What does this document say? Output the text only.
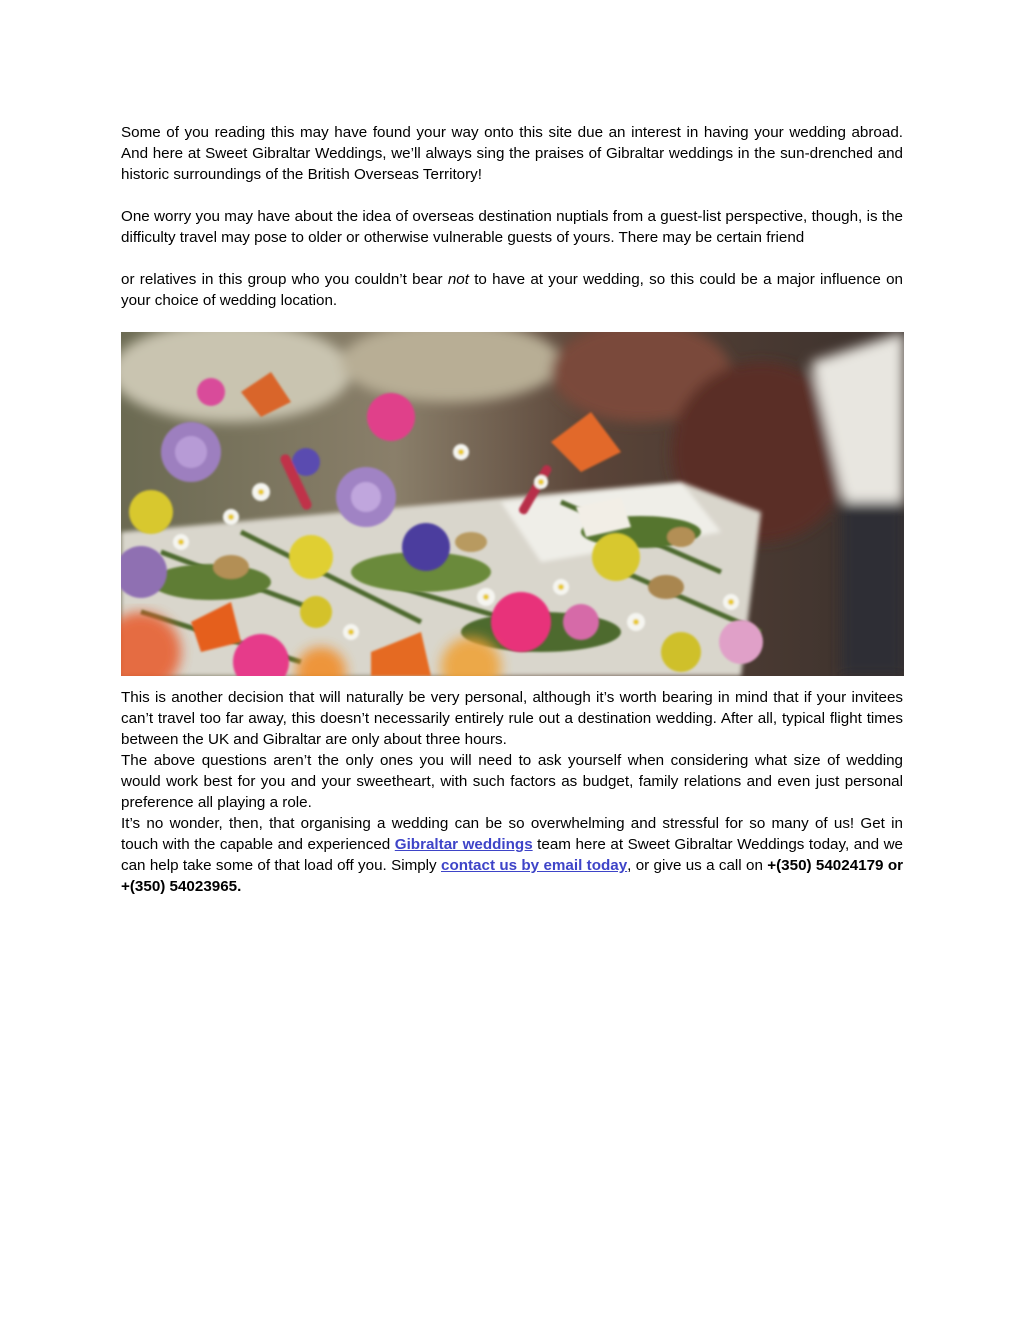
Some of you reading this may have found your way onto this site due an interest in having your wedding abroad. And here at Sweet Gibraltar Weddings, we’ll always sing the praises of Gibraltar weddings in the sun-drenched and historic surroundings of the British Overseas Territory!

One worry you may have about the idea of overseas destination nuptials from a guest-list perspective, though, is the difficulty travel may pose to older or otherwise vulnerable guests of yours. There may be certain friend

or relatives in this group who you couldn’t bear not to have at your wedding, so this could be a major influence on your choice of wedding location.

This is another decision that will naturally be very personal, although it’s worth bearing in mind that if your invitees can’t travel too far away, this doesn’t necessarily entirely rule out a destination wedding. After all, typical flight times between the UK and Gibraltar are only about three hours.

The above questions aren’t the only ones you will need to ask yourself when considering what size of wedding would work best for you and your sweetheart, with such factors as budget, family relations and even just personal preference all playing a role.

It’s no wonder, then, that organising a wedding can be so overwhelming and stressful for so many of us! Get in touch with the capable and experienced Gibraltar weddings team here at Sweet Gibraltar Weddings today, and we can help take some of that load off you. Simply contact us by email today, or give us a call on +(350) 54024179 or +(350) 54023965.
